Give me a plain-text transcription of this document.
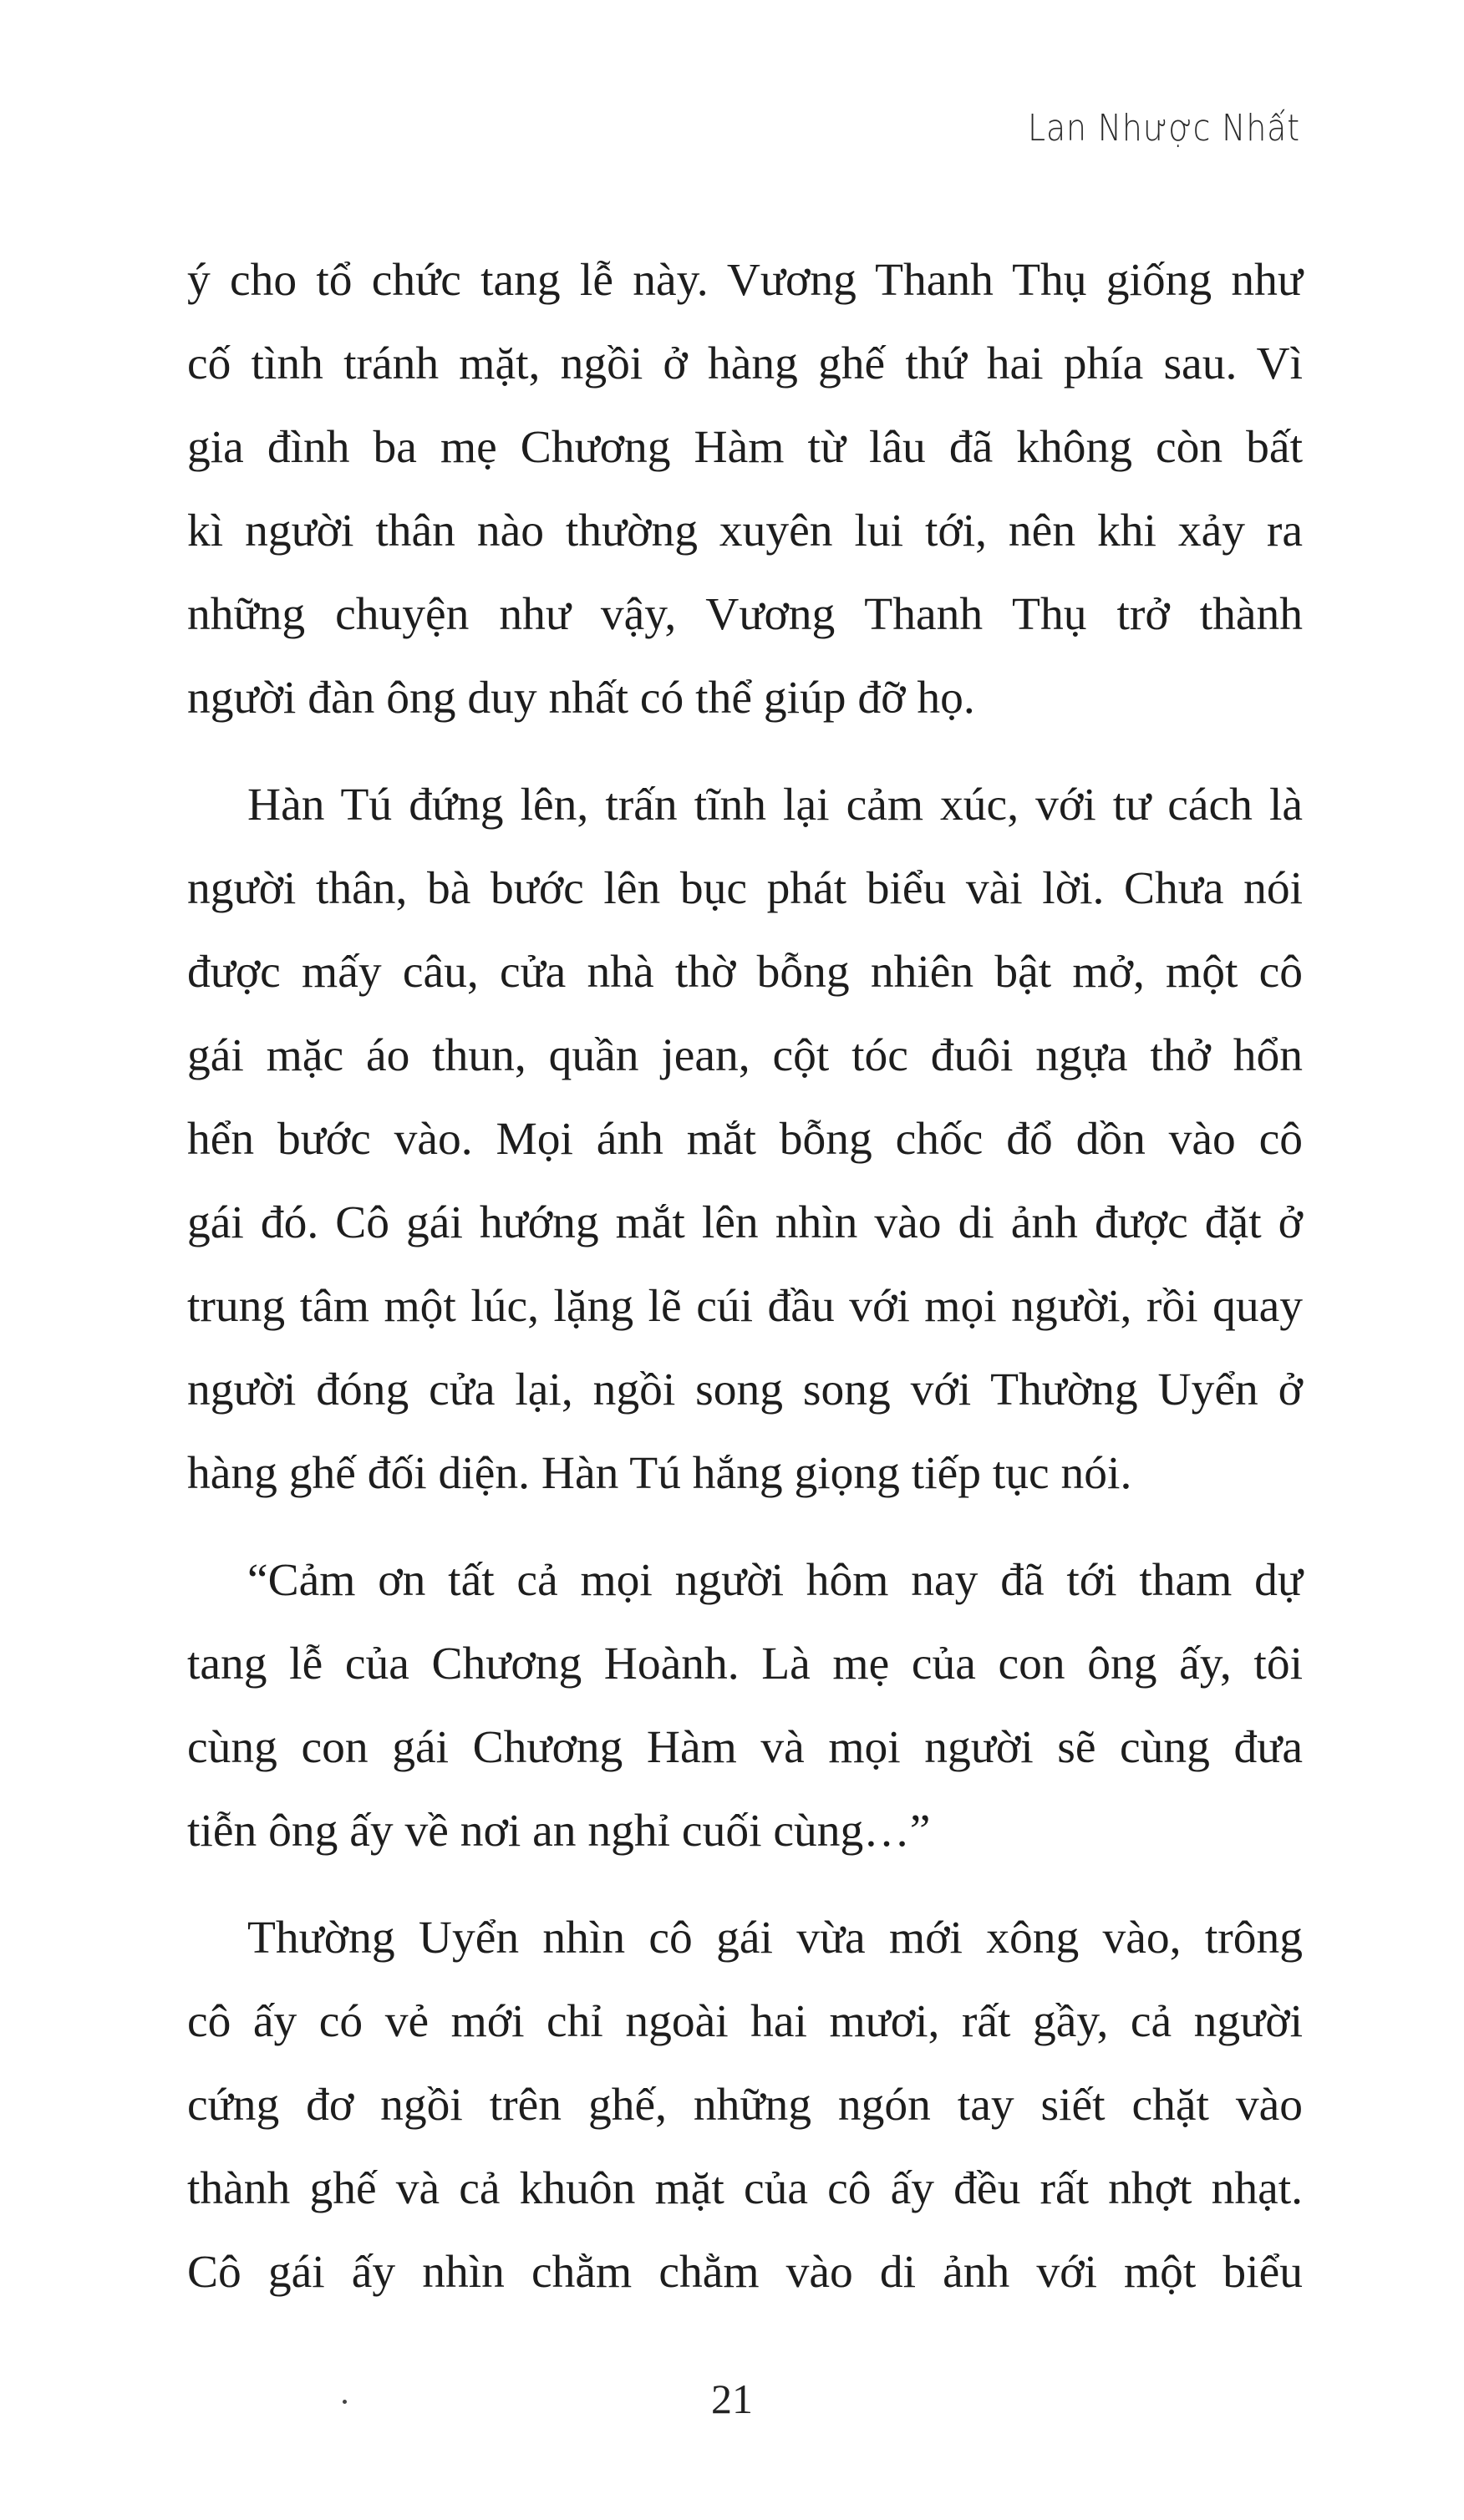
Lan Nhược Nhất

ý cho tổ chức tang lễ này. Vương Thanh Thụ giống như

cố tình tránh mặt, ngồi ở hàng ghế thứ hai phía sau. Vì

gia đình ba mẹ Chương Hàm từ lâu đã không còn bất

kì người thân nào thường xuyên lui tới, nên khi xảy ra

những chuyện như vậy, Vương Thanh Thụ trở thành

người đàn ông duy nhất có thể giúp đỡ họ.

Hàn Tú đứng lên, trấn tĩnh lại cảm xúc, với tư cách là

người thân, bà bước lên bục phát biểu vài lời. Chưa nói

được mấy câu, cửa nhà thờ bỗng nhiên bật mở, một cô

gái mặc áo thun, quần jean, cột tóc đuôi ngựa thở hổn

hển bước vào. Mọi ánh mắt bỗng chốc đổ dồn vào cô

gái đó. Cô gái hướng mắt lên nhìn vào di ảnh được đặt ở

trung tâm một lúc, lặng lẽ cúi đầu với mọi người, rồi quay

người đóng cửa lại, ngồi song song với Thường Uyển ở

hàng ghế đối diện. Hàn Tú hắng giọng tiếp tục nói.

“Cảm ơn tất cả mọi người hôm nay đã tới tham dự

tang lễ của Chương Hoành. Là mẹ của con ông ấy, tôi

cùng con gái Chương Hàm và mọi người sẽ cùng đưa

tiễn ông ấy về nơi an nghỉ cuối cùng…”

Thường Uyển nhìn cô gái vừa mới xông vào, trông

cô ấy có vẻ mới chỉ ngoài hai mươi, rất gầy, cả người

cứng đơ ngồi trên ghế, những ngón tay siết chặt vào

thành ghế và cả khuôn mặt của cô ấy đều rất nhợt nhạt.

Cô gái ấy nhìn chằm chằm vào di ảnh với một biểu

21
